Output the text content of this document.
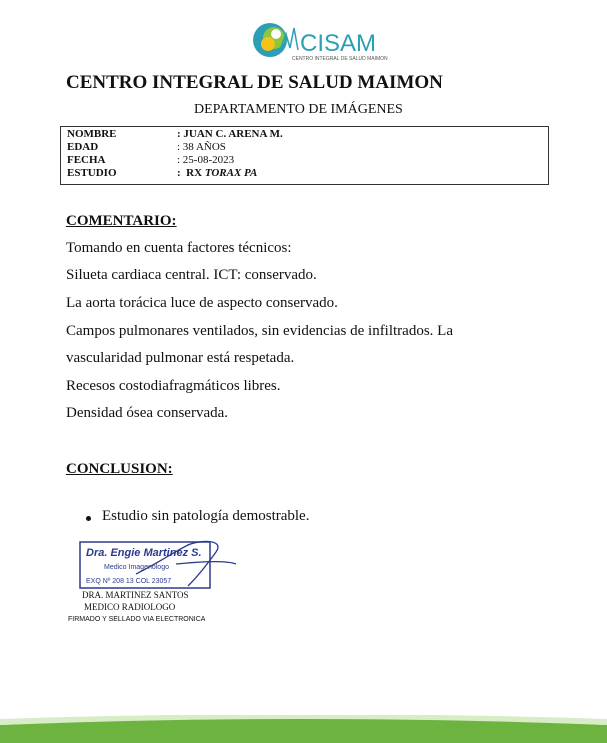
CISAM
CENTRO INTEGRAL DE SALUD MAIMON
CENTRO INTEGRAL DE SALUD MAIMON
DEPARTAMENTO DE IMÁGENES
NOMBRE	: JUAN C. ARENA M.
EDAD	: 38 AÑOS
FECHA	: 25-08-2023
ESTUDIO	:  RX TORAX PA
COMENTARIO:
Tomando en cuenta factores técnicos:
Silueta cardiaca central. ICT: conservado.
La aorta torácica luce de aspecto conservado.
Campos pulmonares ventilados, sin evidencias de infiltrados. La
vascularidad pulmonar está respetada.
Recesos costodiafragmáticos libres.
Densidad ósea conservada.
CONCLUSION:
Estudio sin patología demostrable.
Dra. Engie Martinez S.
Medico Imagenologo
EXQ Nº 208 13 COL 23057
DRA. MARTINEZ SANTOS
MEDICO RADIOLOGO
FIRMADO Y SELLADO VIA ELECTRONICA
